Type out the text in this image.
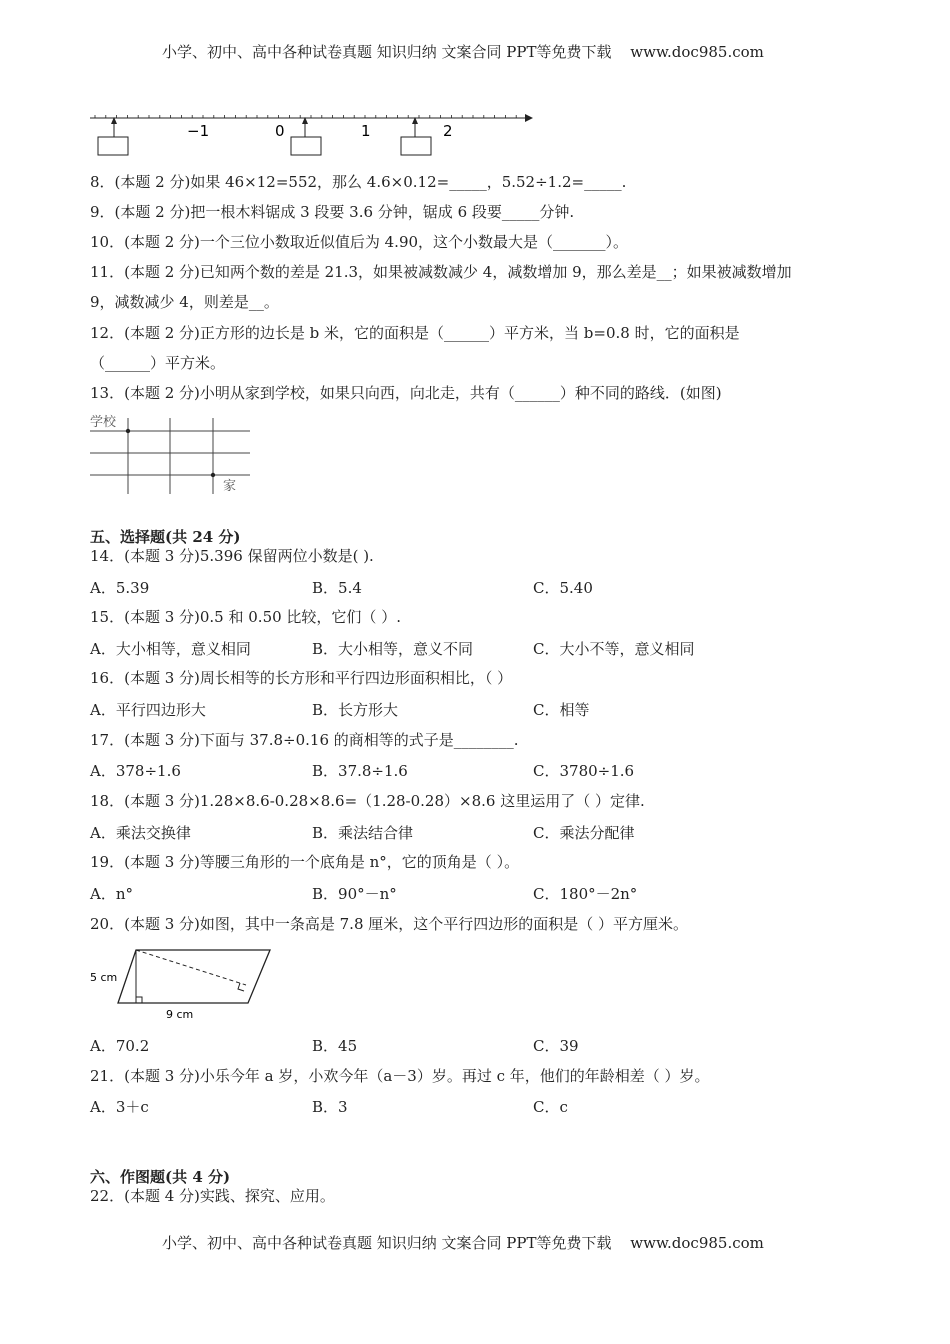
小学、初中、高中各种试卷真题 知识归纳 文案合同 PPT等免费下载 www.doc985.com
−1	0	1	2
8．(本题 2 分)如果 46×12=552，那么 4.6×0.12=_____，5.52÷1.2=_____.
9．(本题 2 分)把一根木料锯成 3 段要 3.6 分钟，锯成 6 段要_____分钟.
10．(本题 2 分)一个三位小数取近似值后为 4.90，这个小数最大是（_______）。
11．(本题 2 分)已知两个数的差是 21.3，如果被减数减少 4，减数增加 9，那么差是__；如果被减数增加
9，减数减少 4，则差是__。
12．(本题 2 分)正方形的边长是 b 米，它的面积是（______）平方米，当 b=0.8 时，它的面积是
（______）平方米。
13．(本题 2 分)小明从家到学校，如果只向西，向北走，共有（______）种不同的路线．(如图)
学校
家
五、选择题(共 24 分)
14．(本题 3 分)5.396 保留两位小数是( ).
A．5.39	B．5.4	C．5.40
15．(本题 3 分)0.5 和 0.50 比较，它们（ ）.
A．大小相等，意义相同	B．大小相等，意义不同	C．大小不等，意义相同
16．(本题 3 分)周长相等的长方形和平行四边形面积相比，（ ）
A．平行四边形大	B．长方形大	C．相等
17．(本题 3 分)下面与 37.8÷0.16 的商相等的式子是________.
A．378÷1.6	B．37.8÷1.6	C．3780÷1.6
18．(本题 3 分)1.28×8.6-0.28×8.6=（1.28-0.28）×8.6 这里运用了（ ）定律.
A．乘法交换律	B．乘法结合律	C．乘法分配律
19．(本题 3 分)等腰三角形的一个底角是 n°，它的顶角是（ ）。
A．n°	B．90°－n°	C．180°－2n°
20．(本题 3 分)如图，其中一条高是 7.8 厘米，这个平行四边形的面积是（ ）平方厘米。
5 cm
9 cm
A．70.2	B．45	C．39
21．(本题 3 分)小乐今年 a 岁，小欢今年（a－3）岁。再过 c 年，他们的年龄相差（ ）岁。
A．3＋c	B．3	C．c
六、作图题(共 4 分)
22．(本题 4 分)实践、探究、应用。
小学、初中、高中各种试卷真题 知识归纳 文案合同 PPT等免费下载 www.doc985.com
